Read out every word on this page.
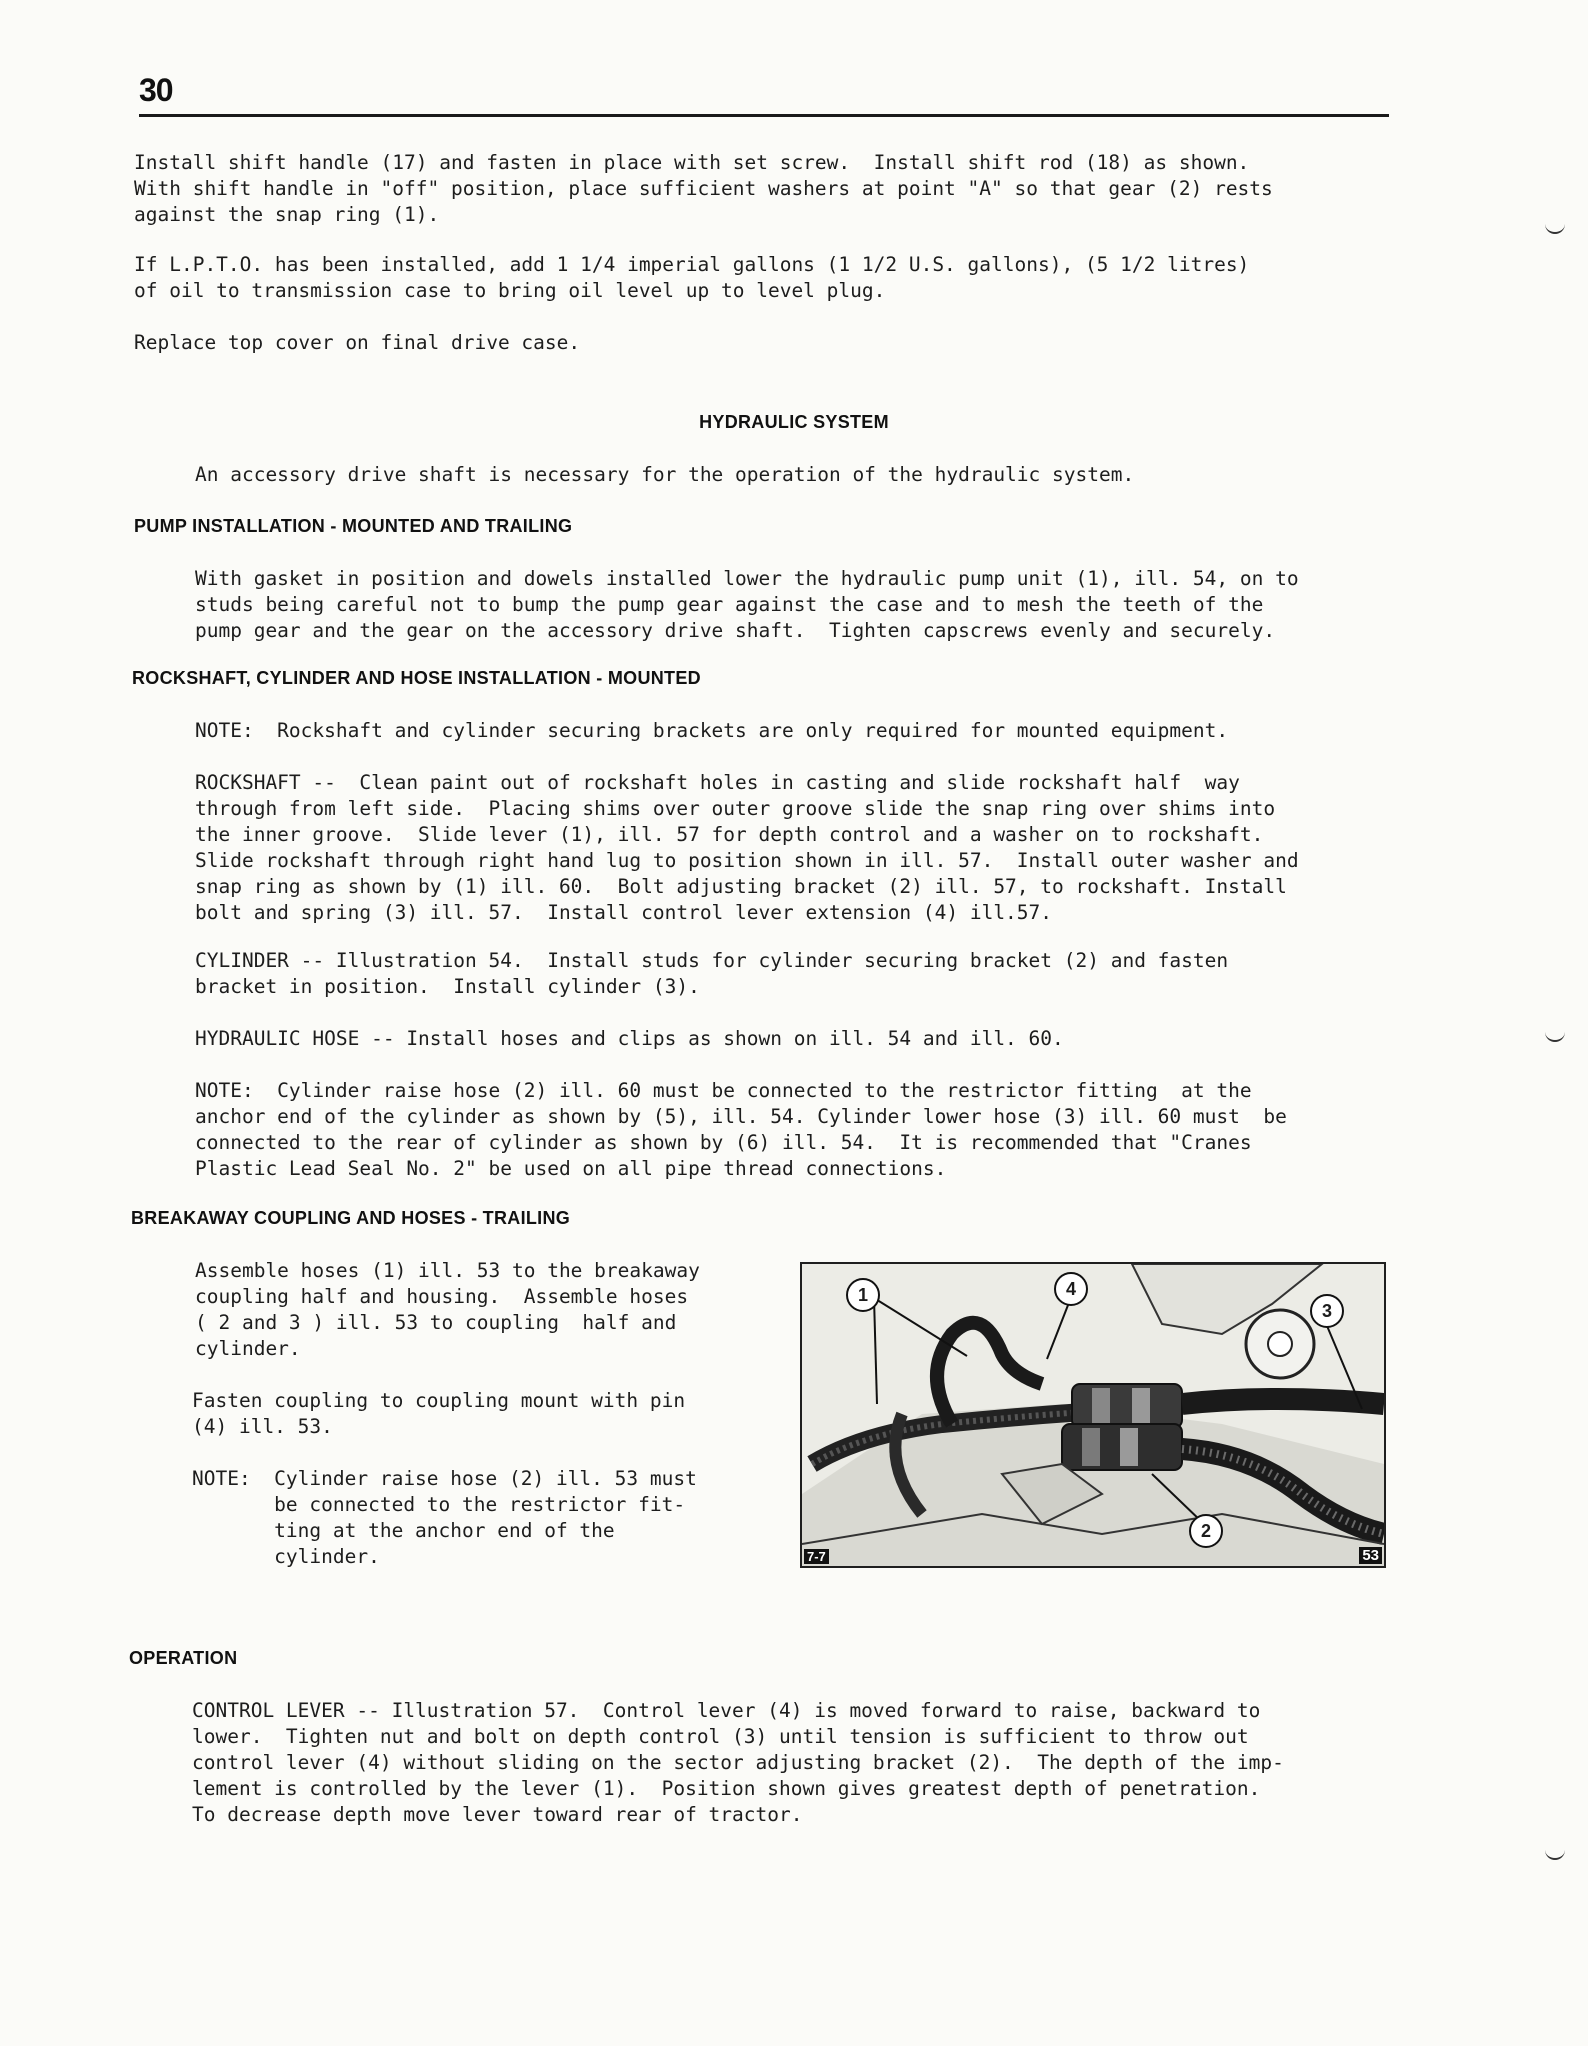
30
Install shift handle (17) and fasten in place with set screw.  Install shift rod (18) as shown.
With shift handle in "off" position, place sufficient washers at point "A" so that gear (2) rests
against the snap ring (1).
If L.P.T.O. has been installed, add 1 1/4 imperial gallons (1 1/2 U.S. gallons), (5 1/2 litres)
of oil to transmission case to bring oil level up to level plug.
Replace top cover on final drive case.
HYDRAULIC SYSTEM
An accessory drive shaft is necessary for the operation of the hydraulic system.
PUMP INSTALLATION - MOUNTED AND TRAILING
With gasket in position and dowels installed lower the hydraulic pump unit (1), ill. 54, on to
studs being careful not to bump the pump gear against the case and to mesh the teeth of the
pump gear and the gear on the accessory drive shaft.  Tighten capscrews evenly and securely.
ROCKSHAFT, CYLINDER AND HOSE INSTALLATION - MOUNTED
NOTE:  Rockshaft and cylinder securing brackets are only required for mounted equipment.
ROCKSHAFT --  Clean paint out of rockshaft holes in casting and slide rockshaft half  way
through from left side.  Placing shims over outer groove slide the snap ring over shims into
the inner groove.  Slide lever (1), ill. 57 for depth control and a washer on to rockshaft.
Slide rockshaft through right hand lug to position shown in ill. 57.  Install outer washer and
snap ring as shown by (1) ill. 60.  Bolt adjusting bracket (2) ill. 57, to rockshaft. Install
bolt and spring (3) ill. 57.  Install control lever extension (4) ill.57.
CYLINDER -- Illustration 54.  Install studs for cylinder securing bracket (2) and fasten
bracket in position.  Install cylinder (3).
HYDRAULIC HOSE -- Install hoses and clips as shown on ill. 54 and ill. 60.
NOTE:  Cylinder raise hose (2) ill. 60 must be connected to the restrictor fitting  at the
anchor end of the cylinder as shown by (5), ill. 54. Cylinder lower hose (3) ill. 60 must  be
connected to the rear of cylinder as shown by (6) ill. 54.  It is recommended that "Cranes
Plastic Lead Seal No. 2" be used on all pipe thread connections.
BREAKAWAY COUPLING AND HOSES - TRAILING
Assemble hoses (1) ill. 53 to the breakaway
coupling half and housing.  Assemble hoses
( 2 and 3 ) ill. 53 to coupling  half and
cylinder.
Fasten coupling to coupling mount with pin
(4) ill. 53.
NOTE:  Cylinder raise hose (2) ill. 53 must
be connected to the restrictor fit-
ting at the anchor end of the
cylinder.
1
2
3
4
7-7	53
OPERATION
CONTROL LEVER -- Illustration 57.  Control lever (4) is moved forward to raise, backward to
lower.  Tighten nut and bolt on depth control (3) until tension is sufficient to throw out
control lever (4) without sliding on the sector adjusting bracket (2).  The depth of the imp-
lement is controlled by the lever (1).  Position shown gives greatest depth of penetration.
To decrease depth move lever toward rear of tractor.
